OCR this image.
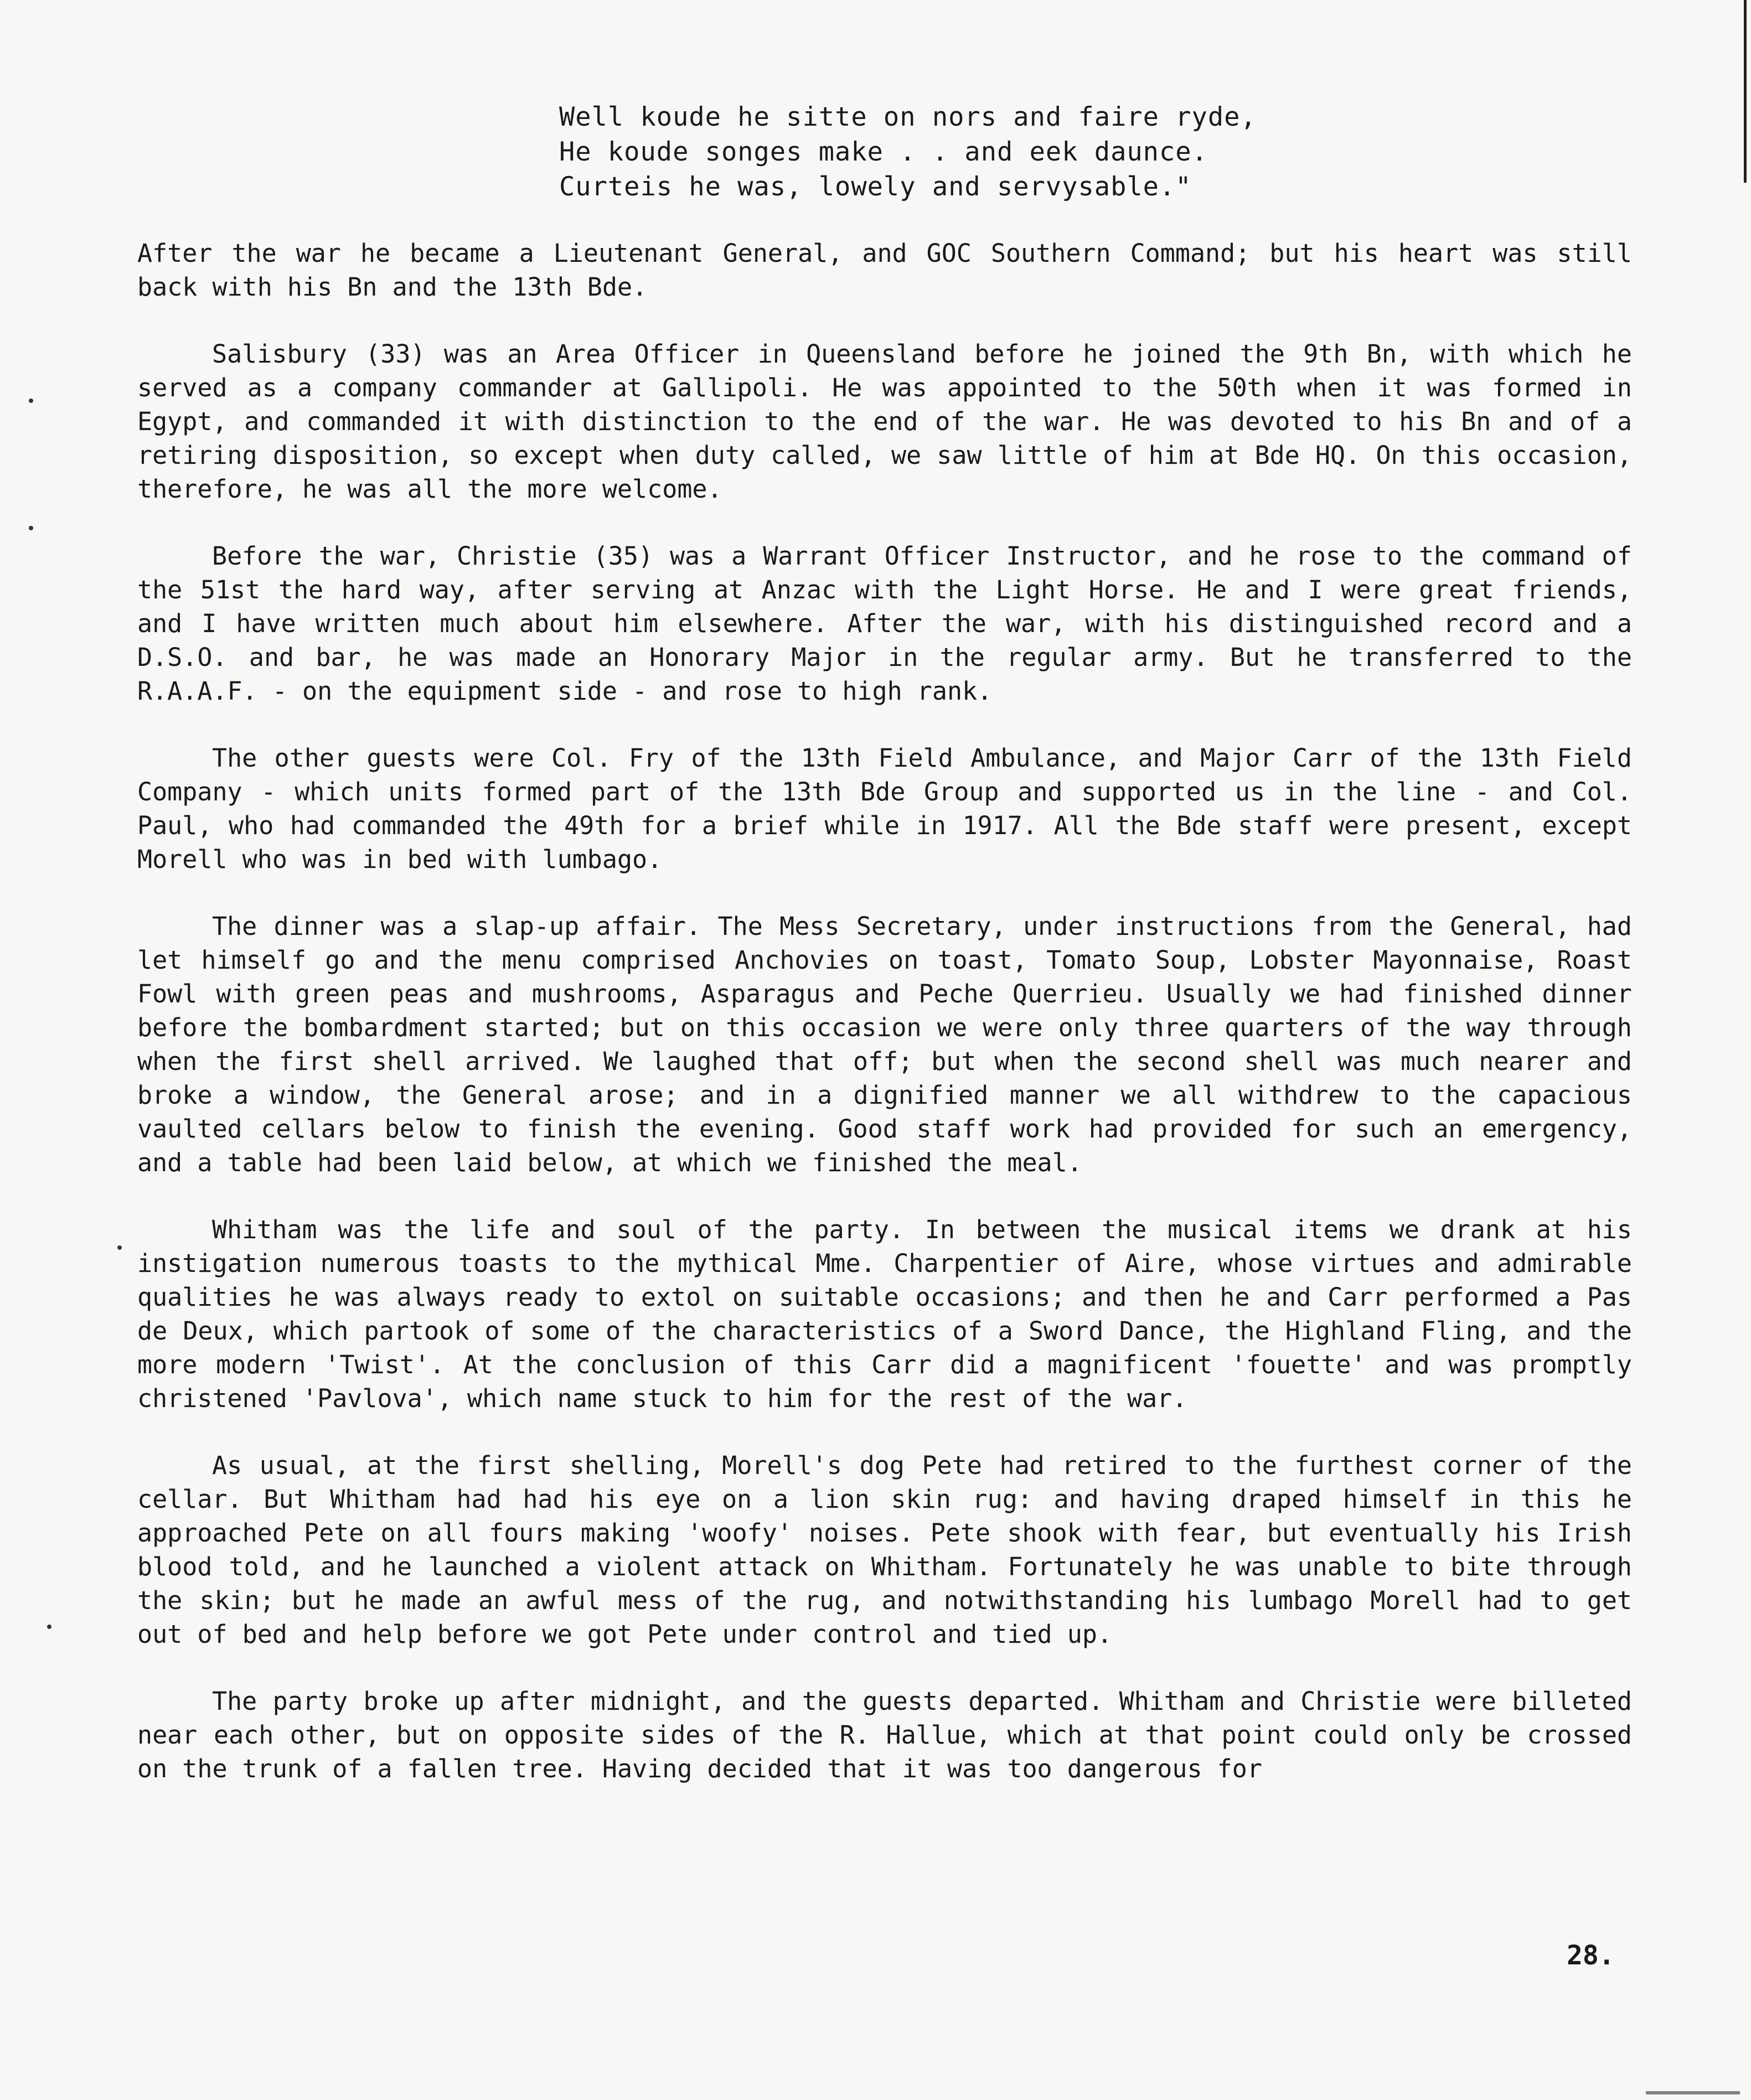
Well koude he sitte on nors and faire ryde,
He koude songes make . . and eek daunce.
Curteis he was, lowely and servysable."

After the war he became a Lieutenant General, and GOC Southern Command; but his heart was still back with his Bn and the 13th Bde.

Salisbury (33) was an Area Officer in Queensland before he joined the 9th Bn, with which he served as a company commander at Gallipoli. He was appointed to the 50th when it was formed in Egypt, and commanded it with distinction to the end of the war. He was devoted to his Bn and of a retiring disposition, so except when duty called, we saw little of him at Bde HQ. On this occasion, therefore, he was all the more welcome.

Before the war, Christie (35) was a Warrant Officer Instructor, and he rose to the command of the 51st the hard way, after serving at Anzac with the Light Horse. He and I were great friends, and I have written much about him elsewhere. After the war, with his distinguished record and a D.S.O. and bar, he was made an Honorary Major in the regular army. But he transferred to the R.A.A.F. - on the equipment side - and rose to high rank.

The other guests were Col. Fry of the 13th Field Ambulance, and Major Carr of the 13th Field Company - which units formed part of the 13th Bde Group and supported us in the line - and Col. Paul, who had commanded the 49th for a brief while in 1917. All the Bde staff were present, except Morell who was in bed with lumbago.

The dinner was a slap-up affair. The Mess Secretary, under instructions from the General, had let himself go and the menu comprised Anchovies on toast, Tomato Soup, Lobster Mayonnaise, Roast Fowl with green peas and mushrooms, Asparagus and Peche Querrieu. Usually we had finished dinner before the bombardment started; but on this occasion we were only three quarters of the way through when the first shell arrived. We laughed that off; but when the second shell was much nearer and broke a window, the General arose; and in a dignified manner we all withdrew to the capacious vaulted cellars below to finish the evening. Good staff work had provided for such an emergency, and a table had been laid below, at which we finished the meal.

Whitham was the life and soul of the party. In between the musical items we drank at his instigation numerous toasts to the mythical Mme. Charpentier of Aire, whose virtues and admirable qualities he was always ready to extol on suitable occasions; and then he and Carr performed a Pas de Deux, which partook of some of the characteristics of a Sword Dance, the Highland Fling, and the more modern 'Twist'. At the conclusion of this Carr did a magnificent 'fouette' and was promptly christened 'Pavlova', which name stuck to him for the rest of the war.

As usual, at the first shelling, Morell's dog Pete had retired to the furthest corner of the cellar. But Whitham had had his eye on a lion skin rug: and having draped himself in this he approached Pete on all fours making 'woofy' noises. Pete shook with fear, but eventually his Irish blood told, and he launched a violent attack on Whitham. Fortunately he was unable to bite through the skin; but he made an awful mess of the rug, and notwithstanding his lumbago Morell had to get out of bed and help before we got Pete under control and tied up.

The party broke up after midnight, and the guests departed. Whitham and Christie were billeted near each other, but on opposite sides of the R. Hallue, which at that point could only be crossed on the trunk of a fallen tree. Having decided that it was too dangerous for

28.
